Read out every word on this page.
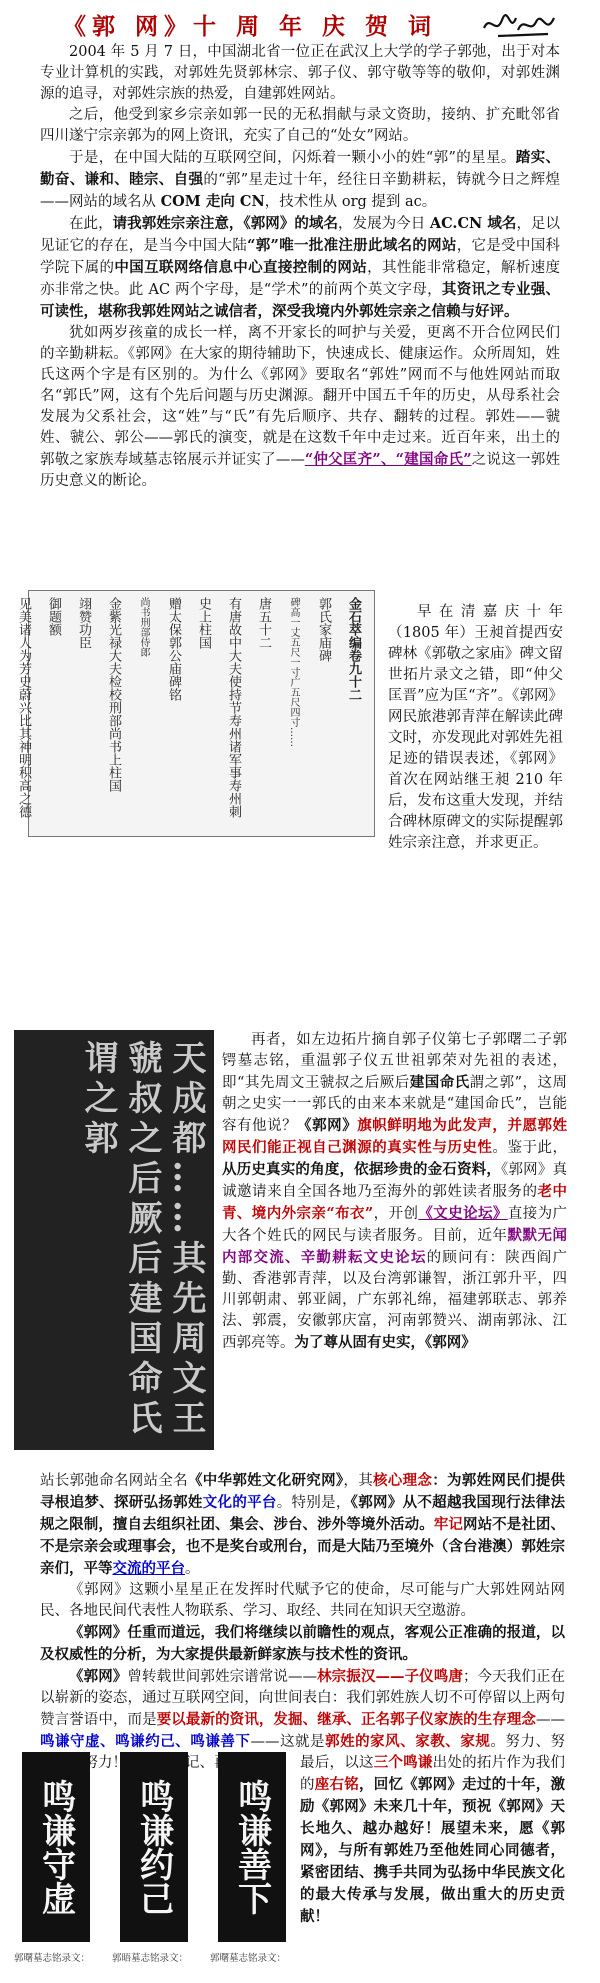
《郭 网》十 周 年 庆 贺 词	郭养浩

2004 年 5 月 7 日，中国湖北省一位正在武汉上大学的学子郭弛，出于对本专业计算机的实践，对郭姓先贤郭林宗、郭子仪、郭守敬等等的敬仰，对郭姓渊源的追寻，对郭姓宗族的热爱，自建郭姓网站。

之后，他受到家乡宗亲如郭一民的无私捐献与录文资助，接纳、扩充毗邻省四川遂宁宗亲郭为的网上资讯，充实了自己的“处女”网站。

于是，在中国大陆的互联网空间，闪烁着一颗小小的姓“郭”的星星。踏实、勤奋、谦和、睦宗、自强的“郭”星走过十年，经往日辛勤耕耘，铸就今日之辉煌——网站的域名从 COM 走向 CN，技术性从 org 提到 ac。

在此，请我郭姓宗亲注意，《郭网》的域名，发展为今日 AC.CN 域名，足以见证它的存在，是当今中国大陆“郭”唯一批准注册此域名的网站，它是受中国科学院下属的中国互联网络信息中心直接控制的网站，其性能非常稳定，解析速度亦非常之快。此 AC 两个字母，是“学术”的前两个英文字母，其资讯之专业强、可读性，堪称我郭姓网站之诚信者，深受我境内外郭姓宗亲之信赖与好评。

犹如两岁孩童的成长一样，离不开家长的呵护与关爱，更离不开合位网民们的辛勤耕耘。《郭网》在大家的期待辅助下，快速成长、健康运作。众所周知，姓氏这两个字是有区别的。为什么《郭网》要取名“郭姓”网而不与他姓网站而取名“郭氏”网，这有个先后问题与历史渊源。翻开中国五千年的历史，从母系社会发展为父系社会，这“姓”与“氏”有先后顺序、共存、翻转的过程。郭姓——虢姓、虢公、郭公——郭氏的演变，就是在这数千年中走过来。近百年来，出土的郭敬之家族寿域墓志铭展示并证实了——“仲父匡齐”、“建国命氏”之说这一郭姓历史意义的断论。

金石萃编卷九十二
郭氏家庙碑
碑高一丈五尺一寸广五尺四寸……
唐五十二
有唐故中大夫使持节寿州诸军事寿州刺史上柱国
赠太保郭公庙碑铭
尚书刑部侍郎
金紫光禄大夫检校刑部尚书上柱国
翊赞功臣
御题额
见美诸人为芳史蔚兴比其神明积高之德	早在清嘉庆十年（1805 年）王昶首提西安碑林《郭敬之家庙》碑文留世拓片录文之错，即“仲父匡晋”应为匡“齐”。《郭网》网民旅港郭青萍在解读此碑文时，亦发现此对郭姓先祖足迹的错误表述，《郭网》首次在网站继王昶 210 年后，发布这重大发现，并结合碑林原碑文的实际提醒郭姓宗亲注意，并求更正。

天成都……其先周文王虢叔之后厥后建国命氏谓之郭	再者，如左边拓片摘自郭子仪第七子郭曙二子郭锷墓志铭，重温郭子仪五世祖郭荣对先祖的表述，即“其先周文王虢叔之后厥后建国命氏謂之郭”，这周朝之史实一一郭氏的由来本来就是“建国命氏”，岂能容有他说？《郭网》旗帜鲜明地为此发声，并愿郭姓网民们能正视自己渊源的真实性与历史性。鉴于此，从历史真实的角度，依据珍贵的金石资料，《郭网》真诚邀请来自全国各地乃至海外的郭姓读者服务的老中青、境内外宗亲“布衣”，开创《文史论坛》直接为广大各个姓氏的网民与读者服务。目前，近年默默无闻内部交流、辛勤耕耘文史论坛的顾问有：陕西阎广勤、香港郭青萍，以及台湾郭谦智，浙江郭升平，四川郭朝肃、郭亚阔，广东郭礼绵，福建郭联志、郭养法、郭震，安徽郭庆富，河南郭赞兴、湖南郭泳、江西郭亮等。为了尊从固有史实，《郭网》

站长郭弛命名网站全名《中华郭姓文化研究网》，其核心理念：为郭姓网民们提供寻根追梦、探研弘扬郭姓文化的平台。特别是，《郭网》从不超越我国现行法律法规之限制，擅自去组织社团、集会、涉台、涉外等境外活动。牢记网站不是社团、不是宗亲会或理事会，也不是奖台或刑台，而是大陆乃至境外（含台港澳）郭姓宗亲们，平等交流的平台。

《郭网》这颗小星星正在发挥时代赋予它的使命，尽可能与广大郭姓网站网民、各地民间代表性人物联系、学习、取经、共同在知识天空遨游。

《郭网》任重而道远，我们将继续以前瞻性的观点，客观公正准确的报道，以及权威性的分析，为大家提供最新鲜家族与技术性的资讯。

《郭网》曾转载世间郭姓宗谱常说——林宗振汉——子仪鸣唐；今天我们正在以崭新的姿态，通过互联网空间，向世间表白：我们郭姓族人切不可停留以上两句赞言誉语中，而是要以最新的资讯，发掘、继承、正名郭子仪家族的生存理念——鸣谦守虚、鸣谦约己、鸣谦善下——这就是郭姓的家风、家教、家规。努力、努 再努力！切记、切记、再切记！

鸣谦守虚
郭曙墓志铭录文：
鸣谦约己
郭晤墓志铭录文：
鸣谦善下
郭曙墓志铭录文：

最后，以这三个鸣谦出处的拓片作为我们的座右铭，回忆《郭网》走过的十年，激励《郭网》未来几十年，预祝《郭网》天长地久、越办越好！展望未来，愿《郭网》，与所有郭姓乃至他姓同心同德者，紧密团结、携手共同为弘扬中华民族文化的最大传承与发展，做出重大的历史贡献！
